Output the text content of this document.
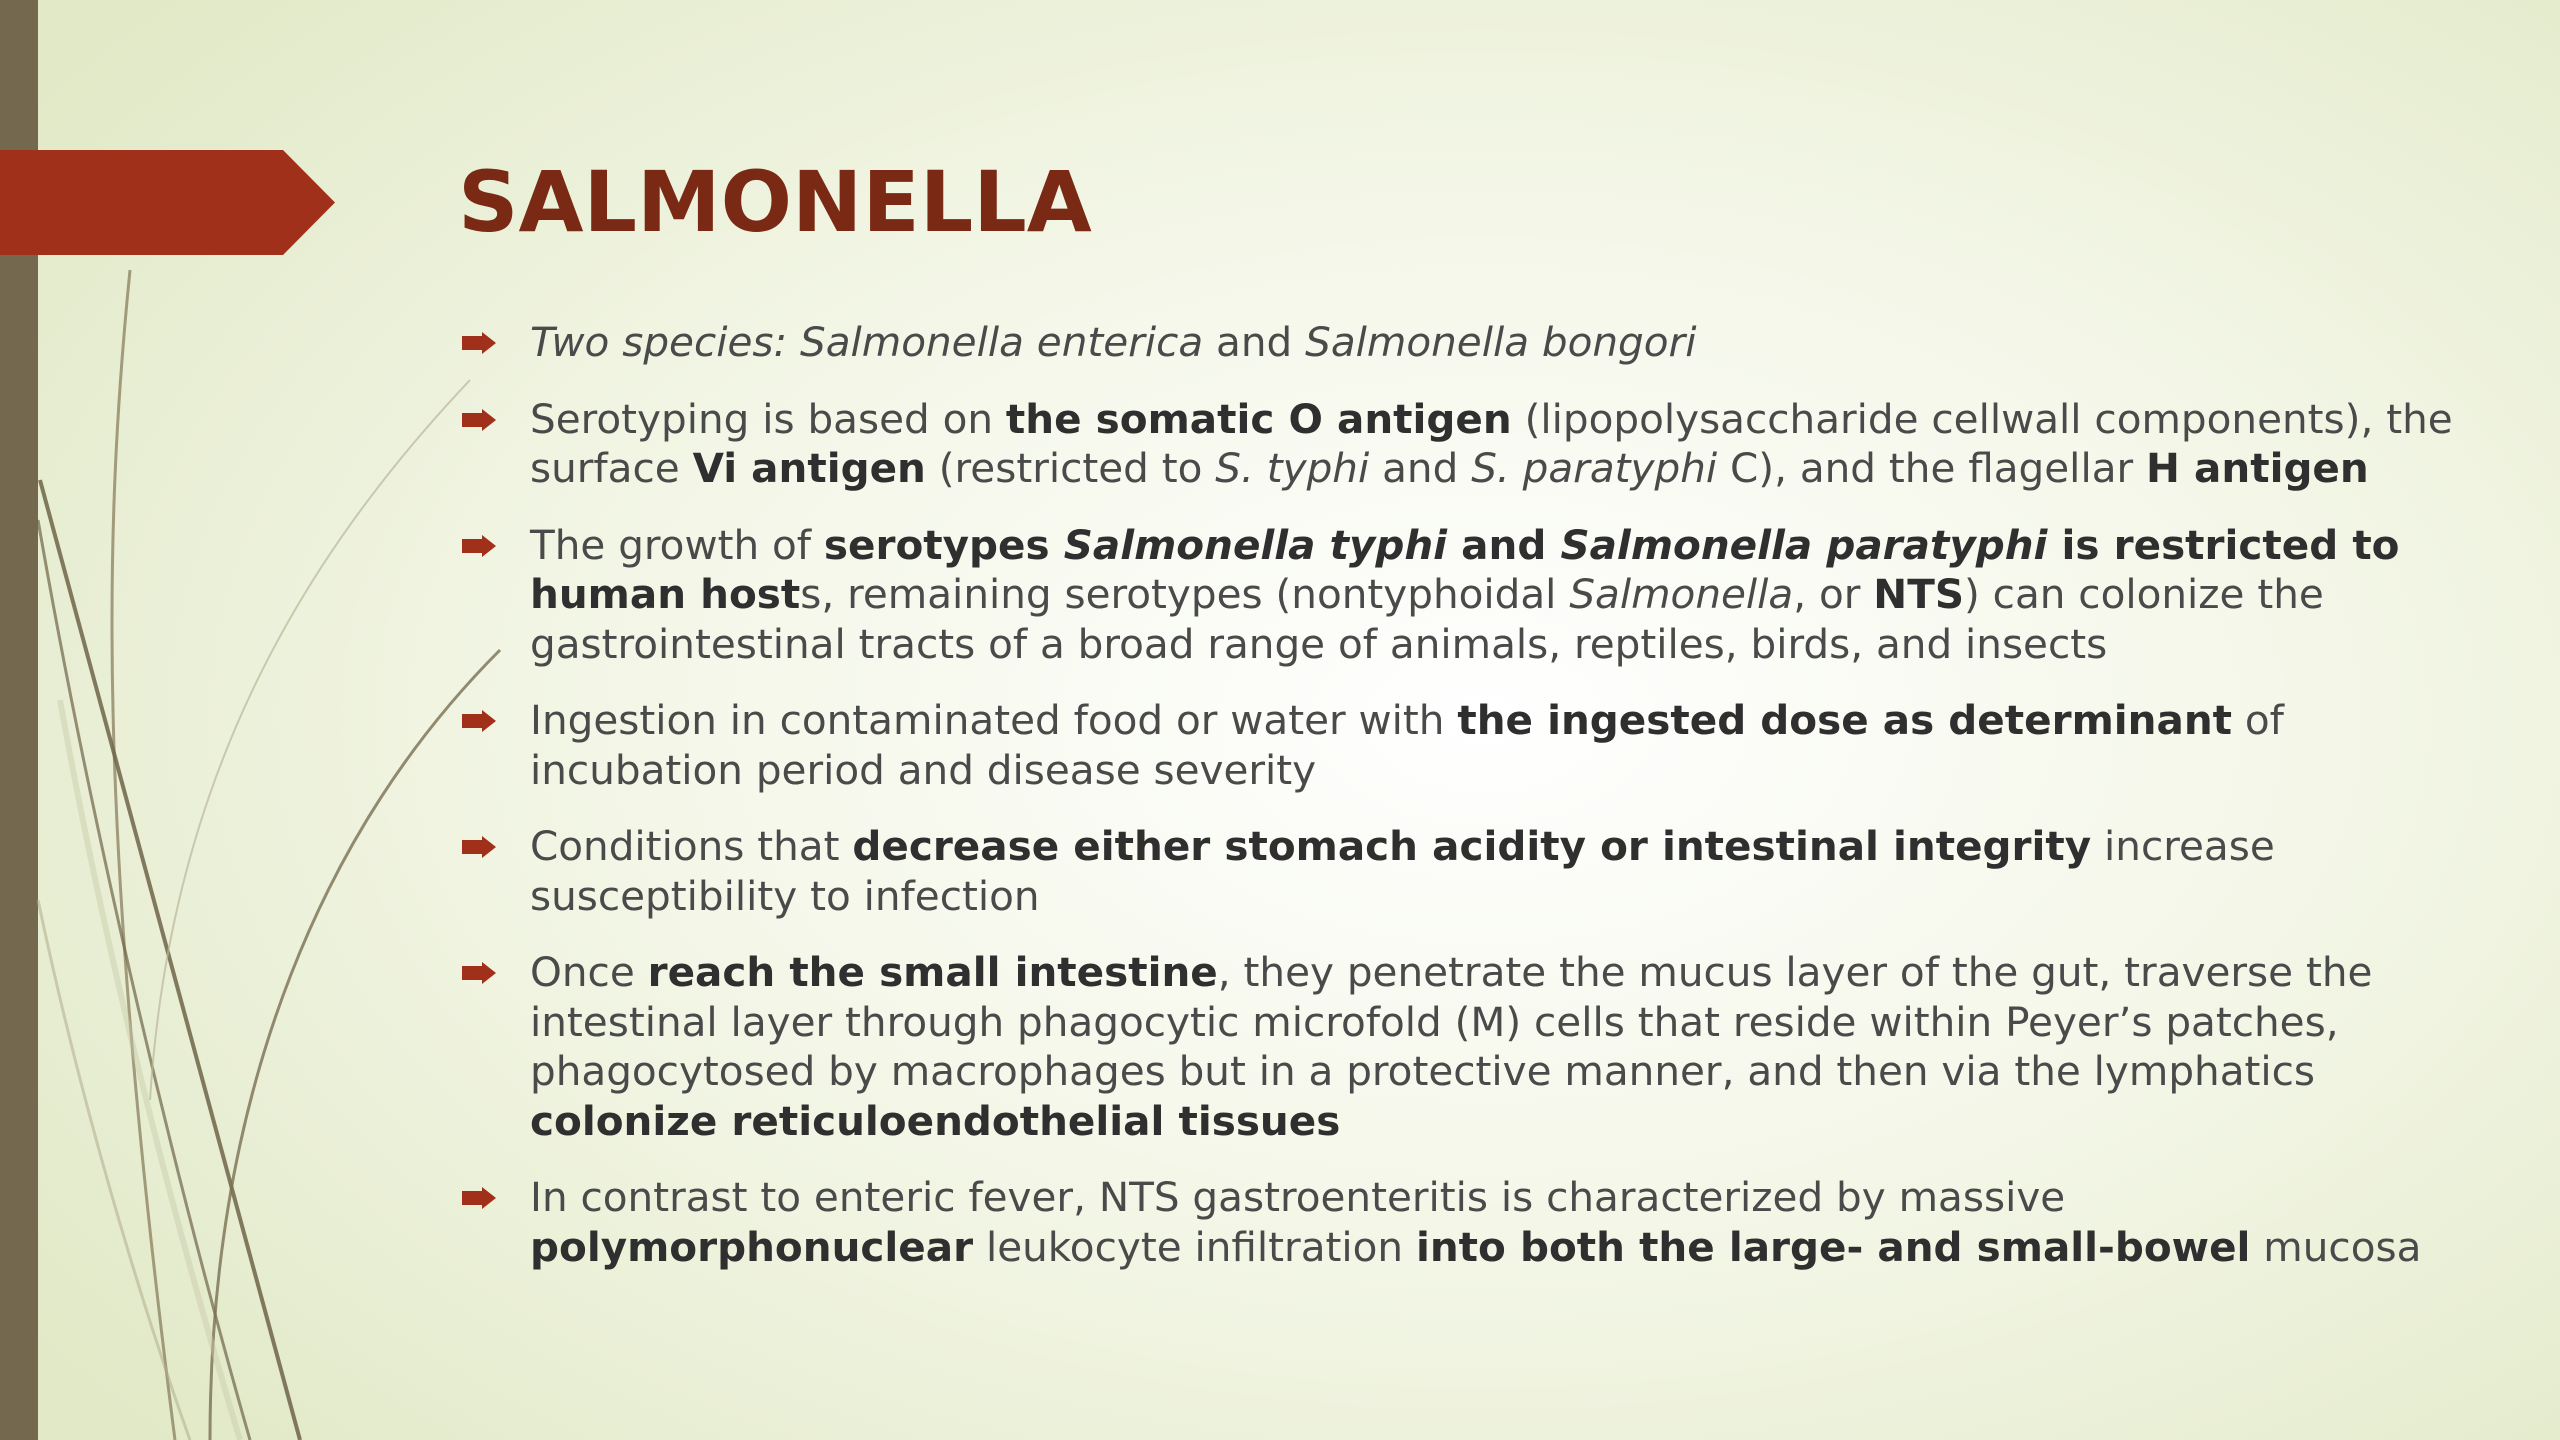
SALMONELLA
Two species: Salmonella enterica and Salmonella bongori
Serotyping is based on the somatic O antigen (lipopolysaccharide cellwall components), the surface Vi antigen (restricted to S. typhi and S. paratyphi C), and the flagellar H antigen
The growth of serotypes Salmonella typhi and Salmonella paratyphi is restricted to human hosts, remaining serotypes (nontyphoidal Salmonella, or NTS) can colonize the gastrointestinal tracts of a broad range of animals, reptiles, birds, and insects
Ingestion in contaminated food or water with the ingested dose as determinant of incubation period and disease severity
Conditions that decrease either stomach acidity or intestinal integrity increase susceptibility to infection
Once reach the small intestine, they penetrate the mucus layer of the gut, traverse the intestinal layer through phagocytic microfold (M) cells that reside within Peyer’s patches, phagocytosed by macrophages but in a protective manner, and then via the lymphatics colonize reticuloendothelial tissues
In contrast to enteric fever, NTS gastroenteritis is characterized by massive polymorphonuclear leukocyte infiltration into both the large- and small-bowel mucosa
